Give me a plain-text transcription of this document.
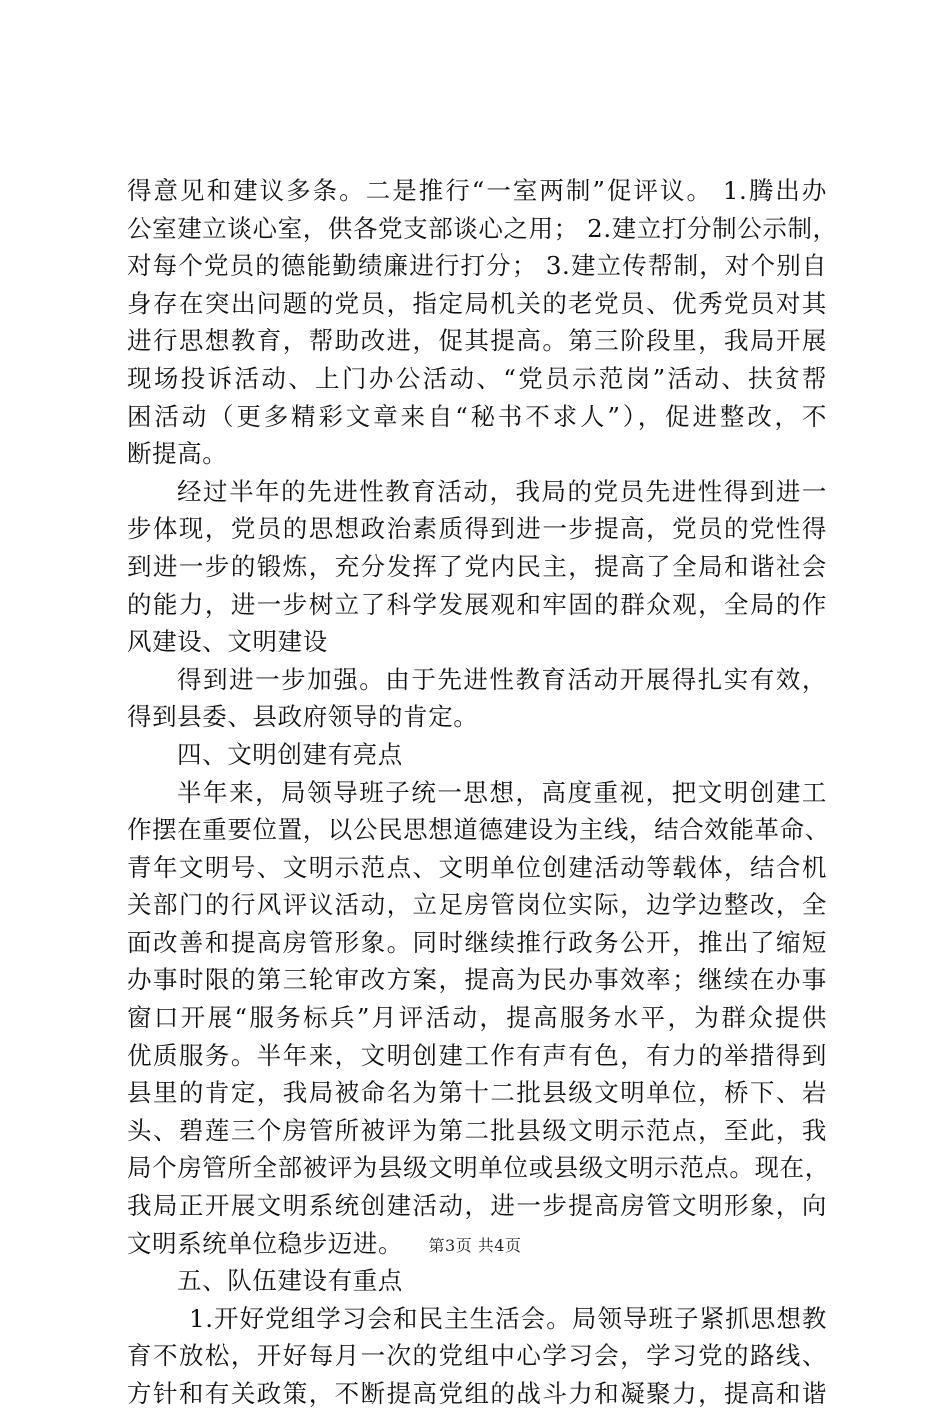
得意见和建议多条。二是推行“一室两制”促评议。 1.腾出办
公室建立谈心室，供各党支部谈心之用； 2.建立打分制公示制，
对每个党员的德能勤绩廉进行打分； 3.建立传帮制，对个别自
身存在突出问题的党员，指定局机关的老党员、优秀党员对其
进行思想教育，帮助改进，促其提高。第三阶段里，我局开展
现场投诉活动、上门办公活动、“党员示范岗”活动、扶贫帮
困活动（更多精彩文章来自“秘书不求人”），促进整改，不
断提高。
经过半年的先进性教育活动，我局的党员先进性得到进一
步体现，党员的思想政治素质得到进一步提高，党员的党性得
到进一步的锻炼，充分发挥了党内民主，提高了全局和谐社会
的能力，进一步树立了科学发展观和牢固的群众观，全局的作
风建设、文明建设
得到进一步加强。由于先进性教育活动开展得扎实有效，
得到县委、县政府领导的肯定。
四、文明创建有亮点
半年来，局领导班子统一思想，高度重视，把文明创建工
作摆在重要位置，以公民思想道德建设为主线，结合效能革命、
青年文明号、文明示范点、文明单位创建活动等载体，结合机
关部门的行风评议活动，立足房管岗位实际，边学边整改，全
面改善和提高房管形象。同时继续推行政务公开，推出了缩短
办事时限的第三轮审改方案，提高为民办事效率；继续在办事
窗口开展“服务标兵”月评活动，提高服务水平，为群众提供
优质服务。半年来，文明创建工作有声有色，有力的举措得到
县里的肯定，我局被命名为第十二批县级文明单位，桥下、岩
头、碧莲三个房管所被评为第二批县级文明示范点，至此，我
局个房管所全部被评为县级文明单位或县级文明示范点。现在，
我局正开展文明系统创建活动，进一步提高房管文明形象，向
文明系统单位稳步迈进。
五、队伍建设有重点
1.开好党组学习会和民主生活会。局领导班子紧抓思想教
育不放松，开好每月一次的党组中心学习会，学习党的路线、
方针和有关政策，不断提高党组的战斗力和凝聚力，提高和谐
第3页 共4页
